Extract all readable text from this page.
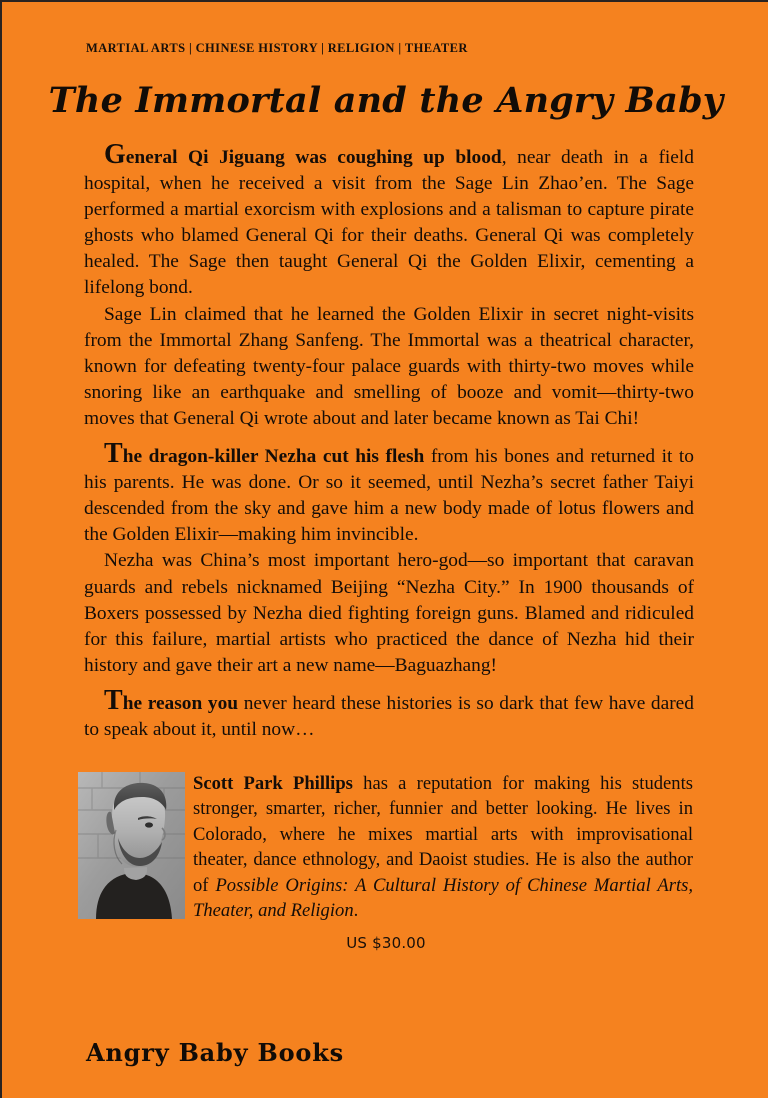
MARTIAL ARTS | CHINESE HISTORY | RELIGION | THEATER
The Immortal and the Angry Baby

General Qi Jiguang was coughing up blood, near death in a field hospital, when he received a visit from the Sage Lin Zhao’en. The Sage performed a martial exorcism with explosions and a talisman to capture pirate ghosts who blamed General Qi for their deaths. General Qi was completely healed. The Sage then taught General Qi the Golden Elixir, cementing a lifelong bond.

Sage Lin claimed that he learned the Golden Elixir in secret night-visits from the Immortal Zhang Sanfeng. The Immortal was a theatrical character, known for defeating twenty-four palace guards with thirty-two moves while snoring like an earthquake and smelling of booze and vomit—thirty-two moves that General Qi wrote about and later became known as Tai Chi!

The dragon-killer Nezha cut his flesh from his bones and returned it to his parents. He was done. Or so it seemed, until Nezha’s secret father Taiyi descended from the sky and gave him a new body made of lotus flowers and the Golden Elixir—making him invincible.

Nezha was China’s most important hero-god—so important that caravan guards and rebels nicknamed Beijing “Nezha City.” In 1900 thousands of Boxers possessed by Nezha died fighting foreign guns. Blamed and ridiculed for this failure, martial artists who practiced the dance of Nezha hid their history and gave their art a new name—Baguazhang!

The reason you never heard these histories is so dark that few have dared to speak about it, until now…

Scott Park Phillips has a reputation for making his students stronger, smarter, richer, funnier and better looking. He lives in Colorado, where he mixes martial arts with improvisational theater, dance ethnology, and Daoist studies. He is also the author of Possible Origins: A Cultural History of Chinese Martial Arts, Theater, and Religion.

US $30.00
Angry Baby Books
